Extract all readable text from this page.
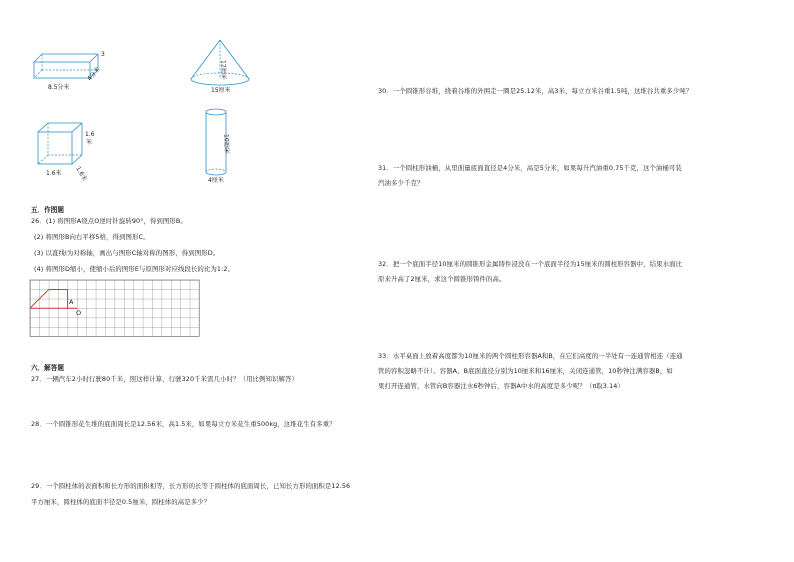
8.5分米
4分米
3
12厘米
15厘米
1.6
米
1.6米 1.6米
10厘米
4厘米
五．作图题
26．(1) 将图形A绕点O逆时针旋转90°，得到图形B。
(2) 将图形B向右平移5格，得到图形C。
(3) 以直线l为对称轴，画出与图形C轴对称的图形，得到图形D。
(4) 将图形D缩小，使缩小后的图形E与原图形对应线段长的比为1:2。
A
O
六．解答题
27．一辆汽车2小时行驶80千米，照这样计算，行驶320千米需几小时？（用比例知识解答）
28．一个圆锥形花生堆的底面周长是12.56米，高1.5米，如果每立方米花生重500kg，这堆花生有多重？
29．一个圆柱体的表面积和长方形的面积相等，长方形的长等于圆柱体的底面周长，已知长方形的面积是12.56
平方厘米，圆柱体的底面半径是0.5厘米，圆柱体的高是多少？
30．一个圆锥形谷堆，绕着谷堆的外围走一圈是25.12米，高3米，每立方米谷重1.5吨，这堆谷共重多少吨？
31．一个圆柱形油桶，从里面量底面直径是4分米，高是5分米，如果每升汽油重0.75千克，这个油桶可装
汽油多少千克？
32．把一个底面半径10厘米的圆锥形金属铸件浸没在一个底面半径为15厘米的圆柱形容器中，结果水面比
原来升高了2厘米，求这个圆锥形铸件的高。
33．水平桌面上放着高度都为10厘米的两个圆柱形容器A和B，在它们高度的一半处有一连通管相连（连通
管的容积忽略不计）。容器A、B底面直径分别为10厘米和16厘米，关闭连通管，10秒钟注满容器B，如
果打开连通管，水管向B容器注水6秒钟后，容器A中水的高度是多少呢？（π取3.14）
